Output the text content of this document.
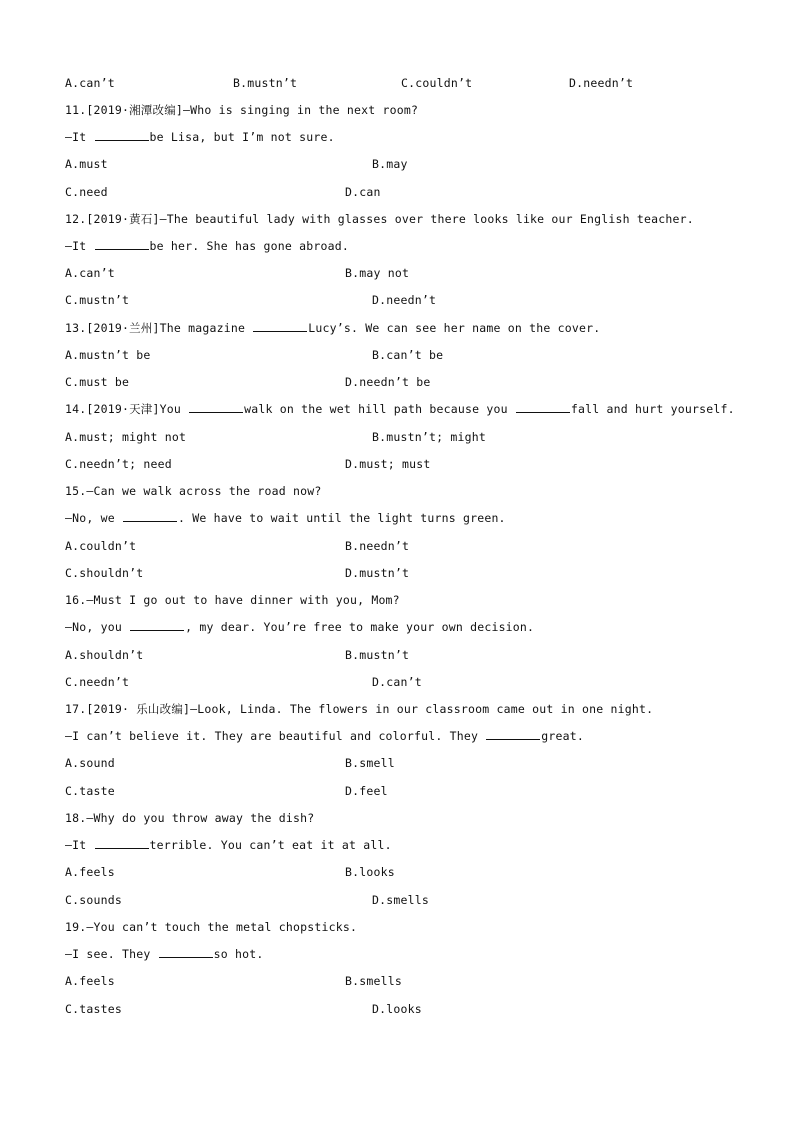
A.can’t	B.mustn’t	C.couldn’t	D.needn’t
11.[2019·湘潭改编]—Who is singing in the next room?
—It	be Lisa, but I’m not sure.
A.must	B.may
C.need	D.can
12.[2019·黄石]—The beautiful lady with glasses over there looks like our English teacher.
—It	be her. She has gone abroad.
A.can’t	B.may not
C.mustn’t	D.needn’t
13.[2019·兰州]The magazine	Lucy’s. We can see her name on the cover.
A.mustn’t be	B.can’t be
C.must be	D.needn’t be
14.[2019·天津]You	walk on the wet hill path because you	fall and hurt yourself.
A.must; might not	B.mustn’t; might
C.needn’t; need	D.must; must
15.—Can we walk across the road now?
—No, we	. We have to wait until the light turns green.
A.couldn’t	B.needn’t
C.shouldn’t	D.mustn’t
16.—Must I go out to have dinner with you, Mom?
—No, you	, my dear. You’re free to make your own decision.
A.shouldn’t	B.mustn’t
C.needn’t	D.can’t
17.[2019· 乐山改编]—Look, Linda. The flowers in our classroom came out in one night.
—I can’t believe it. They are beautiful and colorful. They	great.
A.sound	B.smell
C.taste	D.feel
18.—Why do you throw away the dish?
—It	terrible. You can’t eat it at all.
A.feels	B.looks
C.sounds	D.smells
19.—You can’t touch the metal chopsticks.
—I see. They	so hot.
A.feels	B.smells
C.tastes	D.looks
